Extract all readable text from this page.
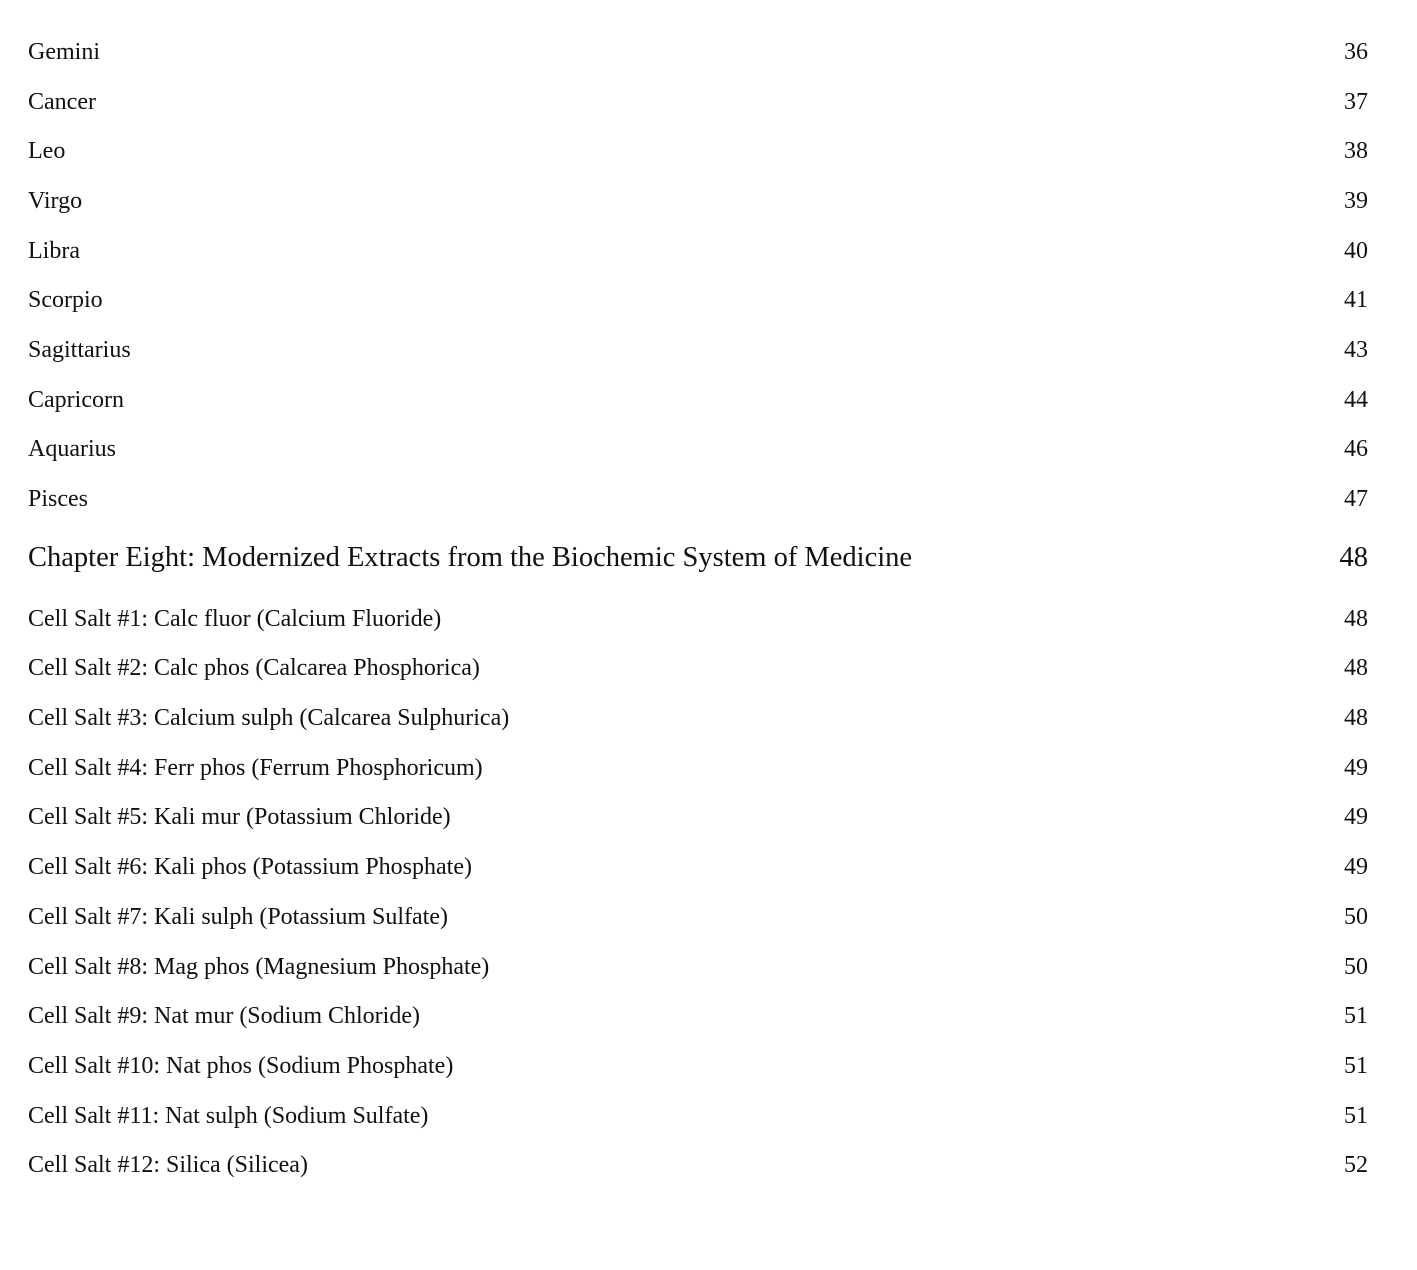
Gemini	36
Cancer	37
Leo	38
Virgo	39
Libra	40
Scorpio	41
Sagittarius	43
Capricorn	44
Aquarius	46
Pisces	47
Chapter Eight: Modernized Extracts from the Biochemic System of Medicine	48
Cell Salt #1: Calc fluor (Calcium Fluoride)	48
Cell Salt #2: Calc phos (Calcarea Phosphorica)	48
Cell Salt #3: Calcium sulph (Calcarea Sulphurica)	48
Cell Salt #4: Ferr phos (Ferrum Phosphoricum)	49
Cell Salt #5: Kali mur (Potassium Chloride)	49
Cell Salt #6: Kali phos (Potassium Phosphate)	49
Cell Salt #7: Kali sulph (Potassium Sulfate)	50
Cell Salt #8: Mag phos (Magnesium Phosphate)	50
Cell Salt #9: Nat mur (Sodium Chloride)	51
Cell Salt #10: Nat phos (Sodium Phosphate)	51
Cell Salt #11: Nat sulph (Sodium Sulfate)	51
Cell Salt #12: Silica (Silicea)	52
